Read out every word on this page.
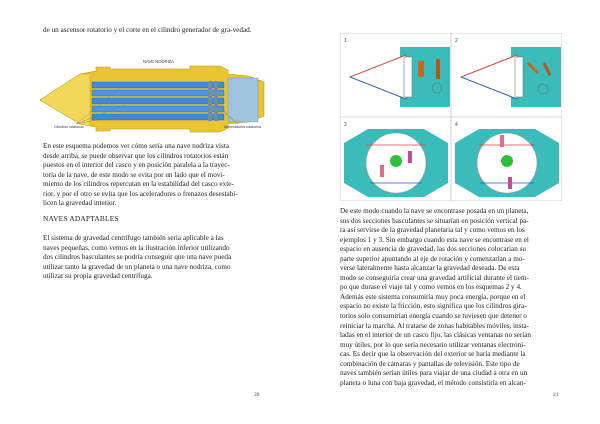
de un ascensor rotatorio y el corte en el cilindro generador de gra-vedad.

NAVE NODRIZA
Cilindros rotatorios	Aceleradores rotatorios

En este esquema podemos ver cómo sería una nave nodriza vista

desde arriba, se puede observar que los cilindros rotatorios están

puestos en el interior del casco y en posición paralela a la trayec-

toria de la nave, de este modo se evita por un lado que el movi-

miento de los cilindros repercutan en la estabilidad del casco exte-

rior, y por el otro se evita que los aceleradores o frenazos desestabi-

licen la gravedad interior.

NAVES ADAPTABLES

El sistema de gravedad centrífugo también sería aplicable a las

naves pequeñas, como vemos en la ilustración inferior utilizando

dos cilindros basculantes se podría conseguir que una nave pueda

utilizar tanto la gravedad de un planeta o una nave nodriza, como

utilizar su propia gravedad centrífuga.

20
1	2
3	4

De este modo cuando la nave se encontrase posada en un planeta,

sus dos secciones basculantes se situarían en posición vertical pa-

ra así servirse de la gravedad planetaria tal y como vemos en los

ejemplos 1 y 3. Sin embargo cuando esta nave se encontrase en el

espacio en ausencia de gravedad, las dos secciones colocarían su

parte superior apuntando al eje de rotación y comenzarían a mo-

verse lateralmente hasta alcanzar la gravedad deseada. De esta

modo se conseguiría crear una gravedad artificial durante el tiem-

po que durase el viaje tal y como vemos en los esquemas 2 y 4.

Además este sistema consumiría muy poca energía, porque en el

espacio no existe la fricción, esto significa que los cilindros gira-

torios solo consumirían energía cuando se tuviesen que detener o

reiniciar la marcha. Al tratarse de zonas habitables móviles, insta-

ladas en el interior de un casco fijo, las clásicas ventanas no serían

muy útiles, por lo que sería necesario utilizar ventanas electróni-

cas. Es decir que la observación del exterior se haría mediante la

combinación de cámaras y pantallas de televisión. Este tipo de

naves también serían útiles para viajar de una ciudad a otra en un

planeta o luna con baja gravedad, el método consistiría en alcan-

21
